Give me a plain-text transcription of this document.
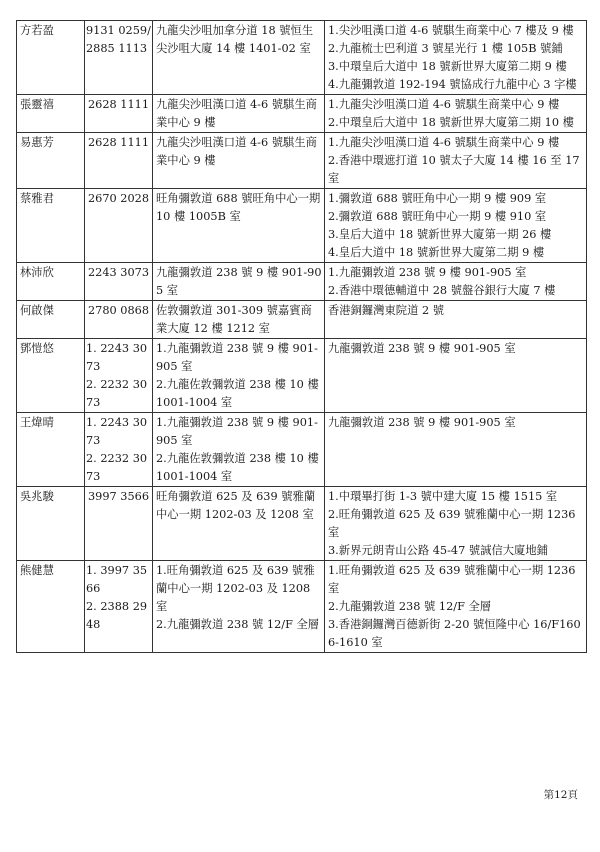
方若盈	9131 0259/
2885 1113	九龍尖沙咀加拿分道 18 號恒生尖沙咀大廈 14 樓 1401-02 室	1.尖沙咀漢口道 4-6 號騏生商業中心 7 樓及 9 樓
2.九龍梳士巴利道 3 號星光行 1 樓 105B 號鋪
3.中環皇后大道中 18 號新世界大廈第二期 9 樓
4.九龍彌敦道 192-194 號協成行九龍中心 3 字樓

張靈禧	2628 1111	九龍尖沙咀漢口道 4-6 號騏生商業中心 9 樓	1.九龍尖沙咀漢口道 4-6 號騏生商業中心 9 樓
2.中環皇后大道中 18 號新世界大廈第二期 10 樓

易惠芳	2628 1111	九龍尖沙咀漢口道 4-6 號騏生商業中心 9 樓	1.九龍尖沙咀漢口道 4-6 號騏生商業中心 9 樓
2.香港中環遮打道 10 號太子大廈 14 樓 16 至 17 室

蔡雅君	2670 2028	旺角彌敦道 688 號旺角中心一期 10 樓 1005B 室	1.彌敦道 688 號旺角中心一期 9 樓 909 室
2.彌敦道 688 號旺角中心一期 9 樓 910 室
3.皇后大道中 18 號新世界大廈第一期 26 樓
4.皇后大道中 18 號新世界大廈第二期 9 樓

林沛欣	2243 3073	九龍彌敦道 238 號 9 樓 901-905 室	1.九龍彌敦道 238 號 9 樓 901-905 室
2.香港中環德輔道中 28 號盤谷銀行大廈 7 樓

何啟傑	2780 0868	佐敦彌敦道 301-309 號嘉賓商業大廈 12 樓 1212 室	香港銅鑼灣東院道 2 號

鄧愷悠	1. 2243 3073
2. 2232 3073	1.九龍彌敦道 238 號 9 樓 901-905 室
2.九龍佐敦彌敦道 238 樓 10 樓 1001-1004 室	九龍彌敦道 238 號 9 樓 901-905 室

王煒晴	1. 2243 3073
2. 2232 3073	1.九龍彌敦道 238 號 9 樓 901-905 室
2.九龍佐敦彌敦道 238 樓 10 樓 1001-1004 室	九龍彌敦道 238 號 9 樓 901-905 室

吳兆駿	3997 3566	旺角彌敦道 625 及 639 號雅蘭中心一期 1202-03 及 1208 室	1.中環畢打街 1-3 號中建大廈 15 樓 1515 室
2.旺角彌敦道 625 及 639 號雅蘭中心一期 1236 室
3.新界元朗青山公路 45-47 號誠信大廈地鋪

熊健慧	1. 3997 3566
2. 2388 2948	1.旺角彌敦道 625 及 639 號雅蘭中心一期 1202-03 及 1208 室
2.九龍彌敦道 238 號 12/F 全層	1.旺角彌敦道 625 及 639 號雅蘭中心一期 1236 室
2.九龍彌敦道 238 號 12/F 全層
3.香港銅鑼灣百德新街 2-20 號恒隆中心 16/F1606-1610 室
第12頁
